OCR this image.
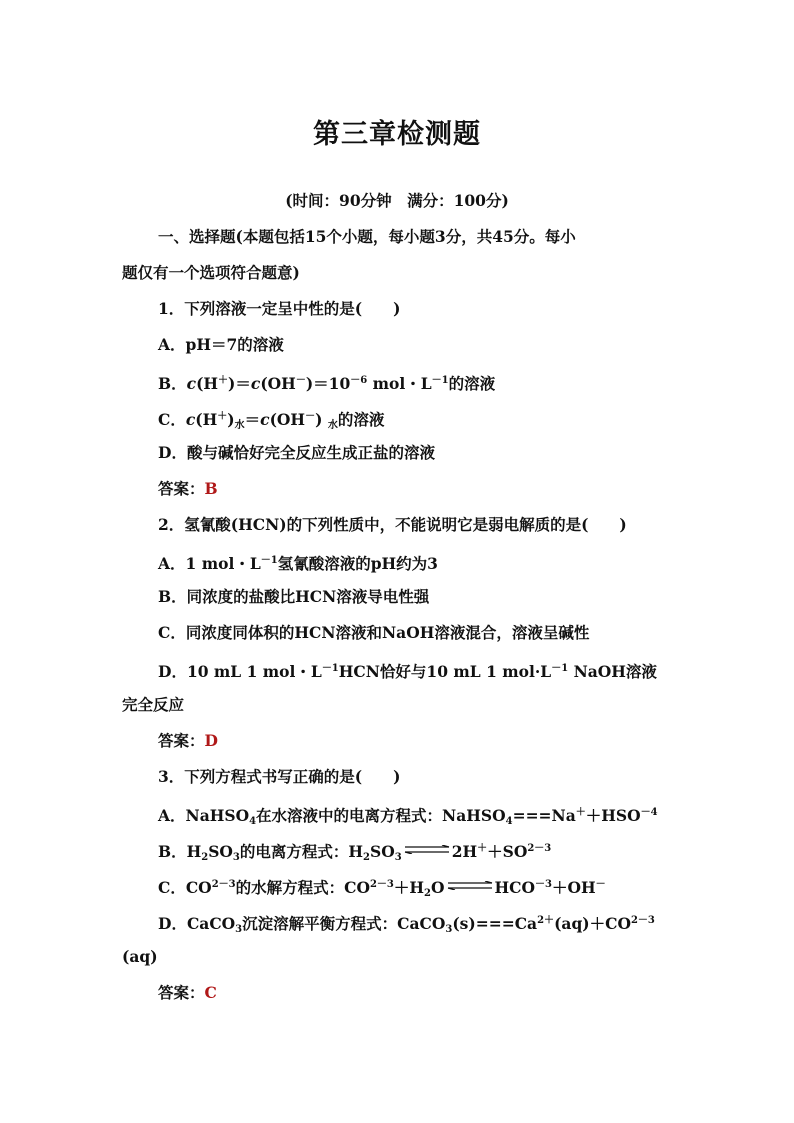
第三章检测题
(时间：90分钟　满分：100分)
一、选择题(本题包括15个小题，每小题3分，共45分。每小
题仅有一个选项符合题意)
1．下列溶液一定呈中性的是(　　)
A．pH＝7的溶液
B．$c(H^+)=c(OH^-)=10^{-6}$ mol・$L^{-1}$的溶液
C．$c(H^+)_水=c(OH^-)$ $_水$的溶液
D．酸与碱恰好完全反应生成正盐的溶液
答案：B
2．氢氰酸(HCN)的下列性质中，不能说明它是弱电解质的是(　　)
A．1 mol・$L^{-1}$氢氰酸溶液的pH约为3
B．同浓度的盐酸比HCN溶液导电性强
C．同浓度同体积的HCN溶液和NaOH溶液混合，溶液呈碱性
D．10 mL 1 mol・$L^{-1}HCN$恰好与10 mL 1 $mol\cdot L^{-1}$ NaOH溶液
完全反应
答案：D
3．下列方程式书写正确的是(　　)
A．NaHSO$_4$在水溶液中的电离方程式：$NaHSO_4===Na^++HSO^{-4}$
B．$H_2SO_3$的电离方程式：$H_2SO_3$ ⇌ $2H^++SO^{2-3}$
C．$CO^{2-3}$的水解方程式：$CO^{2-3}+H_2O$ ⇌ $HCO^{-3}+OH^-$
D．CaCO$_3$沉淀溶解平衡方程式：$CaCO_3(s)===Ca^{2+}(aq)+CO^{2-3}$
(aq)
答案：C
